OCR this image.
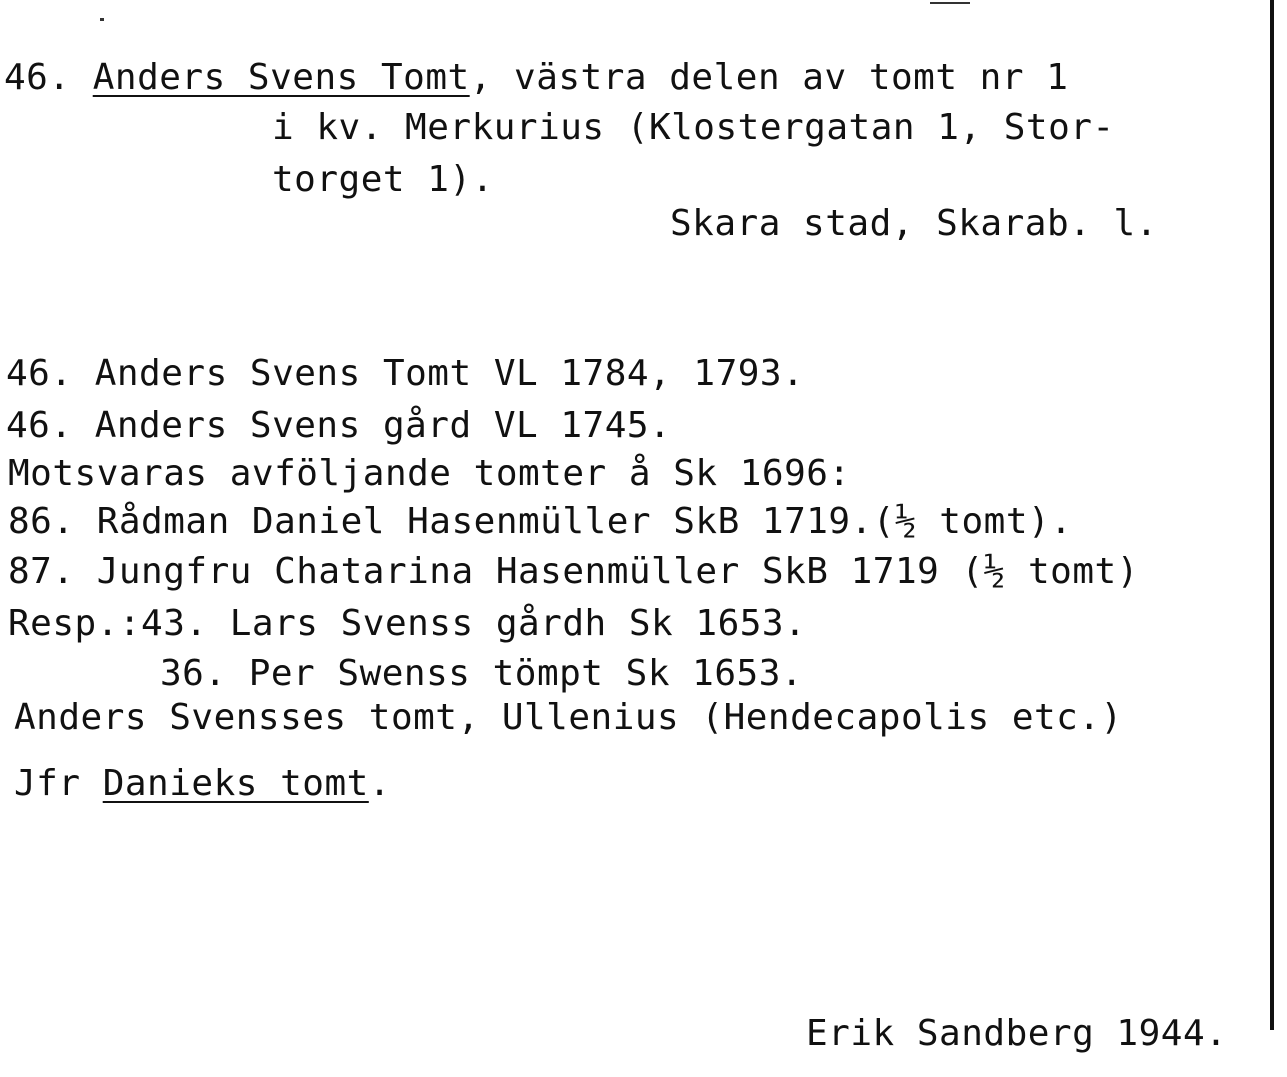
46. Anders Svens Tomt, västra delen av tomt nr 1
i kv. Merkurius (Klostergatan 1, Stor-
torget 1).
Skara stad, Skarab. l.
46. Anders Svens Tomt VL 1784, 1793.
46. Anders Svens gård VL 1745.
Motsvaras avföljande tomter å Sk 1696:
86. Rådman Daniel Hasenmüller SkB 1719.(½ tomt).
87. Jungfru Chatarina Hasenmüller SkB 1719 (½ tomt)
Resp.:43. Lars Svenss gårdh Sk 1653.
36. Per Swenss tömpt Sk 1653.
Anders Svensses tomt, Ullenius (Hendecapolis etc.)
Jfr Danieks tomt.
Erik Sandberg 1944.
